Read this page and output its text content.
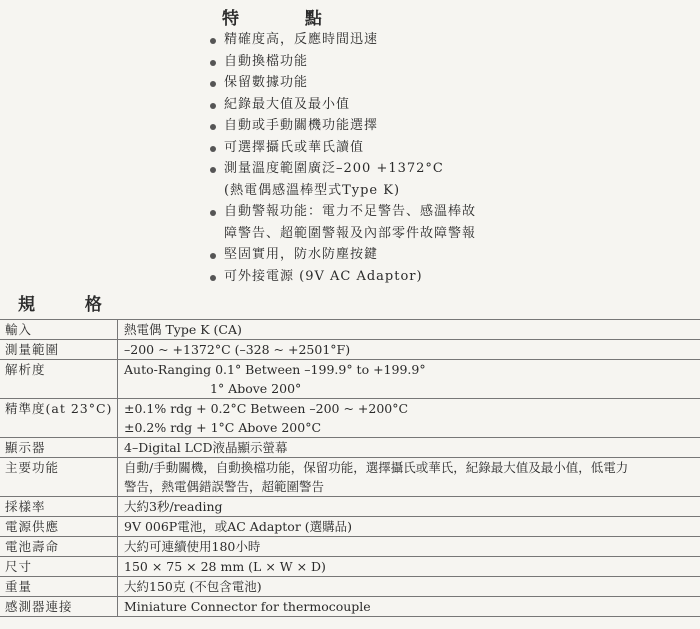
特 點
精確度高，反應時間迅速
自動換檔功能
保留數據功能
紀錄最大值及最小值
自動或手動關機功能選擇
可選擇攝氏或華氏讀值
測量溫度範圍廣泛–200 +1372°C
(熱電偶感溫棒型式Type K)
自動警報功能：電力不足警告、感溫棒故
障警告、超範圍警報及內部零件故障警報
堅固實用，防水防塵按鍵
可外接電源 (9V AC Adaptor)
規 格
輸入	熱電偶 Type K (CA)

測量範圍	–200 ~ +1372°C (–328 ~ +2501°F)

解析度	Auto-Ranging 0.1° Between –199.9° to +199.9°
1° Above 200°

精準度(at 23°C)	±0.1% rdg + 0.2°C Between –200 ~ +200°C
±0.2% rdg + 1°C Above 200°C

顯示器	4–Digital LCD液晶顯示螢幕

主要功能	自動/手動關機，自動換檔功能，保留功能，選擇攝氏或華氏，紀錄最大值及最小值，低電力
警告，熱電偶錯誤警告，超範圍警告

採樣率	大約3秒/reading

電源供應	9V 006P電池，或AC Adaptor (選購品)

電池壽命	大約可連續使用180小時

尺寸	150 × 75 × 28 mm (L × W × D)

重量	大約150克 (不包含電池)

感測器連接	Miniature Connector for thermocouple
